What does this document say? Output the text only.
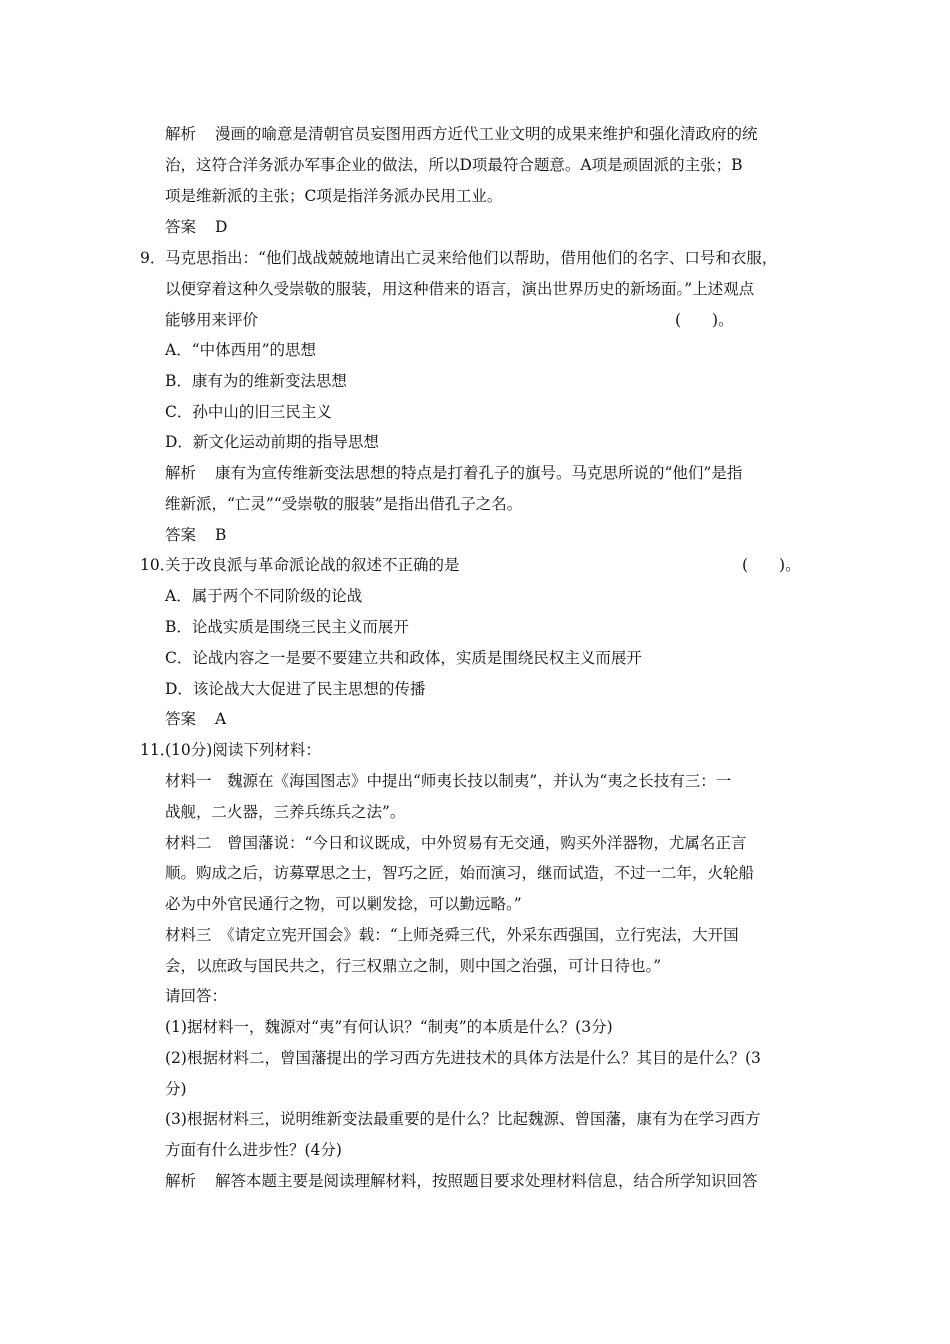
解析 漫画的喻意是清朝官员妄图用西方近代工业文明的成果来维护和强化清政府的统
治，这符合洋务派办军事企业的做法，所以D项最符合题意。A项是顽固派的主张；B
项是维新派的主张；C项是指洋务派办民用工业。
答案 D
9．马克思指出：“他们战战兢兢地请出亡灵来给他们以帮助，借用他们的名字、口号和衣服，
以便穿着这种久受崇敬的服装，用这种借来的语言，演出世界历史的新场面。”上述观点
能够用来评价	(　　)。
A．“中体西用”的思想
B．康有为的维新变法思想
C．孙中山的旧三民主义
D．新文化运动前期的指导思想
解析 康有为宣传维新变法思想的特点是打着孔子的旗号。马克思所说的“他们”是指
维新派，“亡灵”“受崇敬的服装”是指出借孔子之名。
答案 B
10．关于改良派与革命派论战的叙述不正确的是	(　　)。
A．属于两个不同阶级的论战
B．论战实质是围绕三民主义而展开
C．论战内容之一是要不要建立共和政体，实质是围绕民权主义而展开
D．该论战大大促进了民主思想的传播
答案 A
11．(10分)阅读下列材料：
材料一　魏源在《海国图志》中提出“师夷长技以制夷”，并认为“夷之长技有三：一
战舰，二火器，三养兵练兵之法”。
材料二　曾国藩说：“今日和议既成，中外贸易有无交通，购买外洋器物，尤属名正言
顺。购成之后，访募覃思之士，智巧之匠，始而演习，继而试造，不过一二年，火轮船
必为中外官民通行之物，可以剿发捻，可以勤远略。”
材料三　《请定立宪开国会》载：“上师尧舜三代，外采东西强国，立行宪法，大开国
会，以庶政与国民共之，行三权鼎立之制，则中国之治强，可计日待也。”
请回答：
(1)据材料一，魏源对“夷”有何认识？“制夷”的本质是什么？(3分)
(2)根据材料二，曾国藩提出的学习西方先进技术的具体方法是什么？其目的是什么？(3
分)
(3)根据材料三，说明维新变法最重要的是什么？比起魏源、曾国藩，康有为在学习西方
方面有什么进步性？(4分)
解析 解答本题主要是阅读理解材料，按照题目要求处理材料信息，结合所学知识回答
